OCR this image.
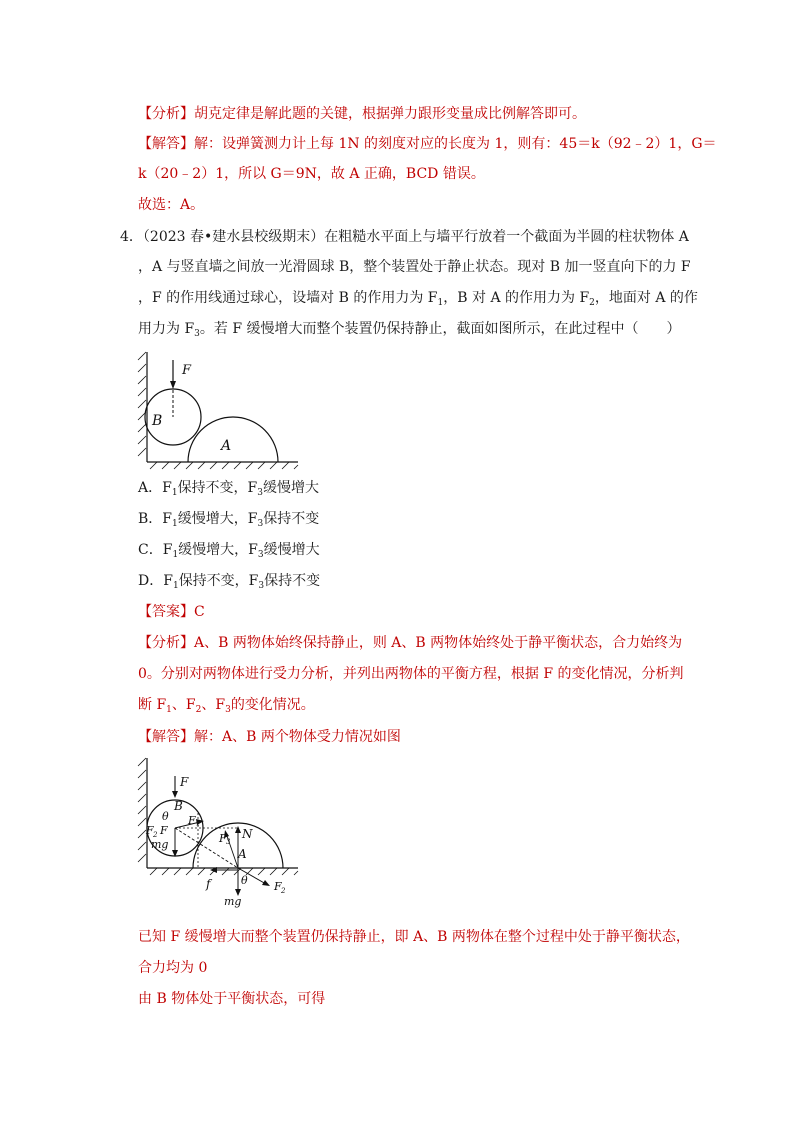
【分析】胡克定律是解此题的关键，根据弹力跟形变量成比例解答即可。
【解答】解：设弹簧测力计上每 1N 的刻度对应的长度为 1，则有：45＝k（92﹣2）1，G＝
k（20﹣2）1，所以 G＝9N，故 A 正确，BCD 错误。
故选：A。
4．（2023 春•建水县校级期末）在粗糙水平面上与墙平行放着一个截面为半圆的柱状物体 A
，A 与竖直墙之间放一光滑圆球 B，整个装置处于静止状态。现对 B 加一竖直向下的力 F
，F 的作用线通过球心，设墙对 B 的作用力为 $F_1$，B 对 A 的作用力为 $F_2$，地面对 A 的作
用力为 $F_3$。若 F 缓慢增大而整个装置仍保持静止，截面如图所示，在此过程中（　　）
F
B
A
A．$F_1$保持不变，$F_3$缓慢增大
B．$F_1$缓慢增大，$F_3$保持不变
C．$F_1$缓慢增大，$F_3$缓慢增大
D．$F_1$保持不变，$F_3$保持不变
【答案】C
【分析】A、B 两物体始终保持静止，则 A、B 两物体始终处于静平衡状态，合力始终为
0。分别对两物体进行受力分析，并列出两物体的平衡方程，根据 F 的变化情况，分析判
断 $F_1$、$F_2$、$F_3$的变化情况。
【解答】解：A、B 两个物体受力情况如图
F
B
θ F 1
F 2 F
mg
N
F 3
A
f
mg
θ F 2
已知 F 缓慢增大而整个装置仍保持静止，即 A、B 两物体在整个过程中处于静平衡状态，
合力均为 0
由 B 物体处于平衡状态，可得
